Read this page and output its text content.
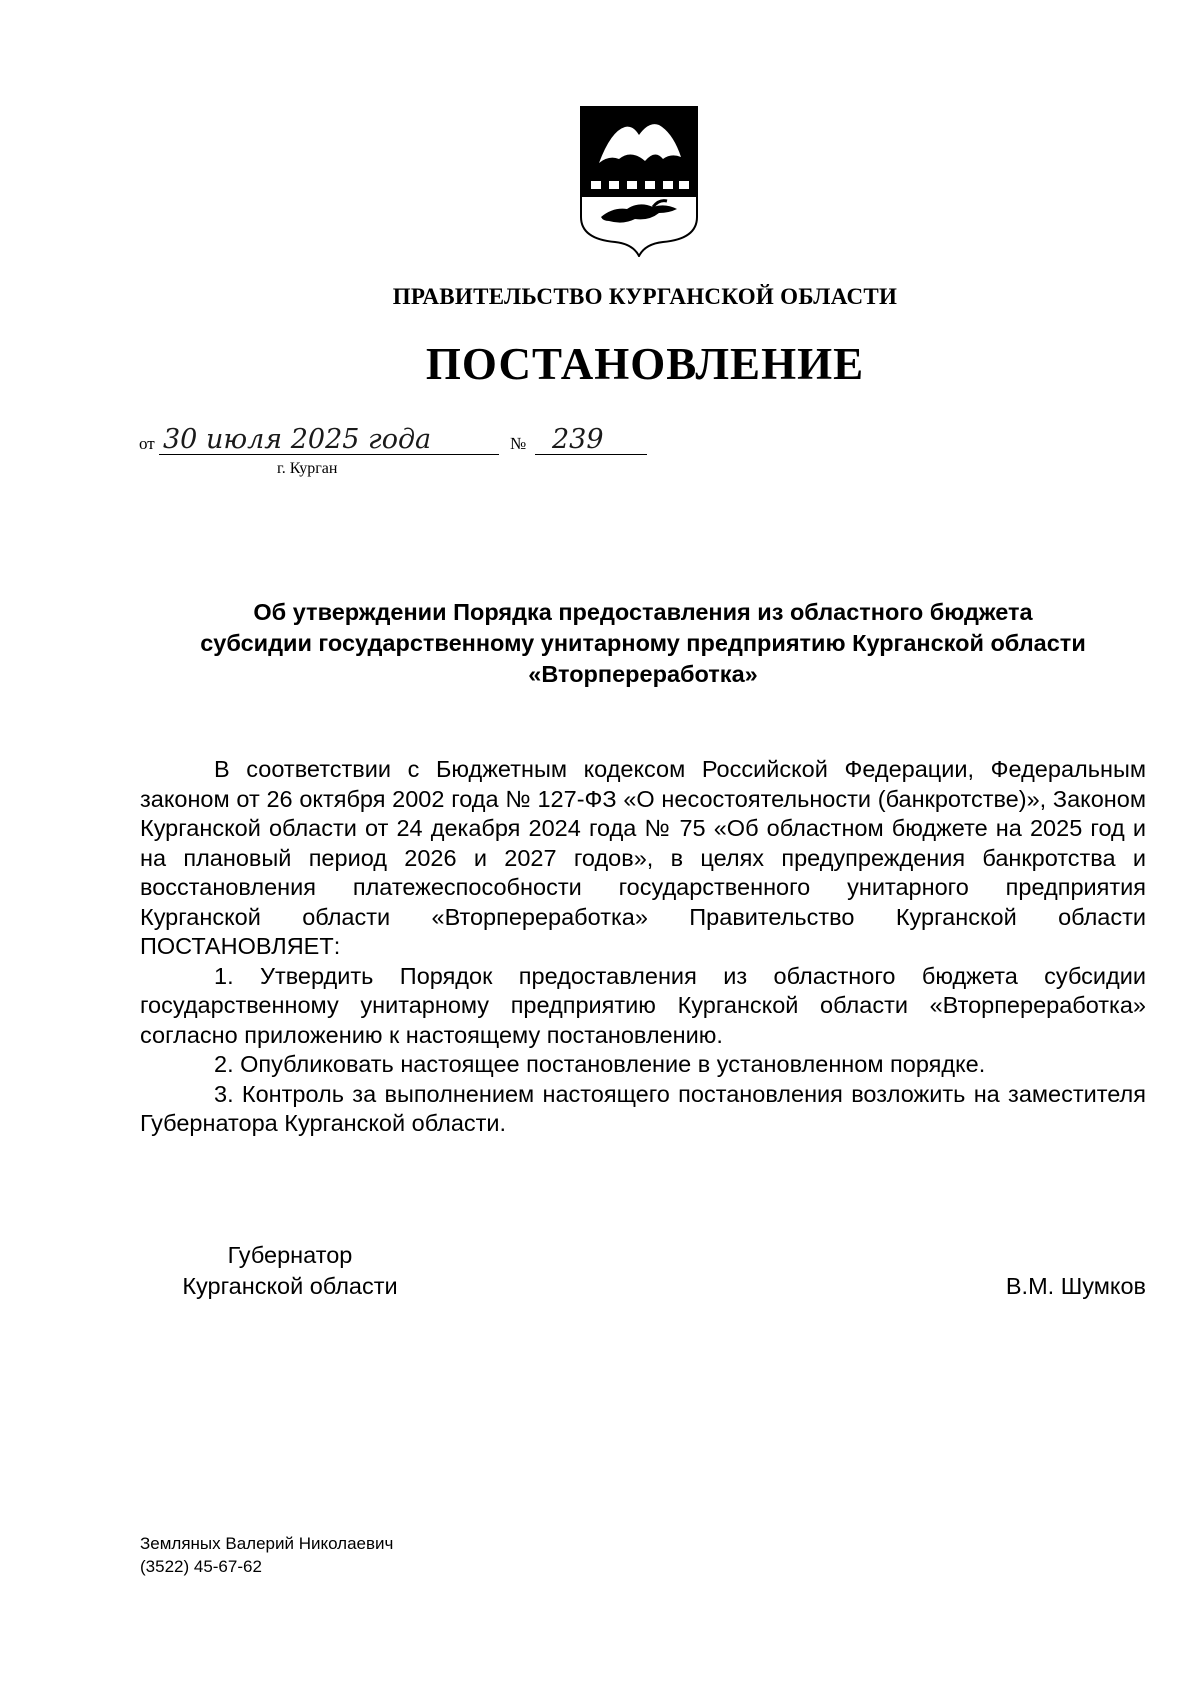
ПРАВИТЕЛЬСТВО КУРГАНСКОЙ ОБЛАСТИ
ПОСТАНОВЛЕНИЕ
от 30 июля 2025 года	№ 239
г. Курган
Об утверждении Порядка предоставления из областного бюджета
субсидии государственному унитарному предприятию Курганской области
«Вторпереработка»

В соответствии с Бюджетным кодексом Российской Федерации, Федеральным законом от 26 октября 2002 года № 127-ФЗ «О несостоятельности (банкротстве)», Законом Курганской области от 24 декабря 2024 года № 75 «Об областном бюджете на 2025 год и на плановый период 2026 и 2027 годов», в целях предупреждения банкротства и восстановления платежеспособности государственного унитарного предприятия Курганской области «Вторпереработка» Правительство Курганской области ПОСТАНОВЛЯЕТ:

1. Утвердить Порядок предоставления из областного бюджета субсидии государственному унитарному предприятию Курганской области «Вторпереработка» согласно приложению к настоящему постановлению.

2. Опубликовать настоящее постановление в установленном порядке.

3. Контроль за выполнением настоящего постановления возложить на заместителя Губернатора Курганской области.

Губернатор
Курганской области	В.М. Шумков
Земляных Валерий Николаевич
(3522) 45-67-62
